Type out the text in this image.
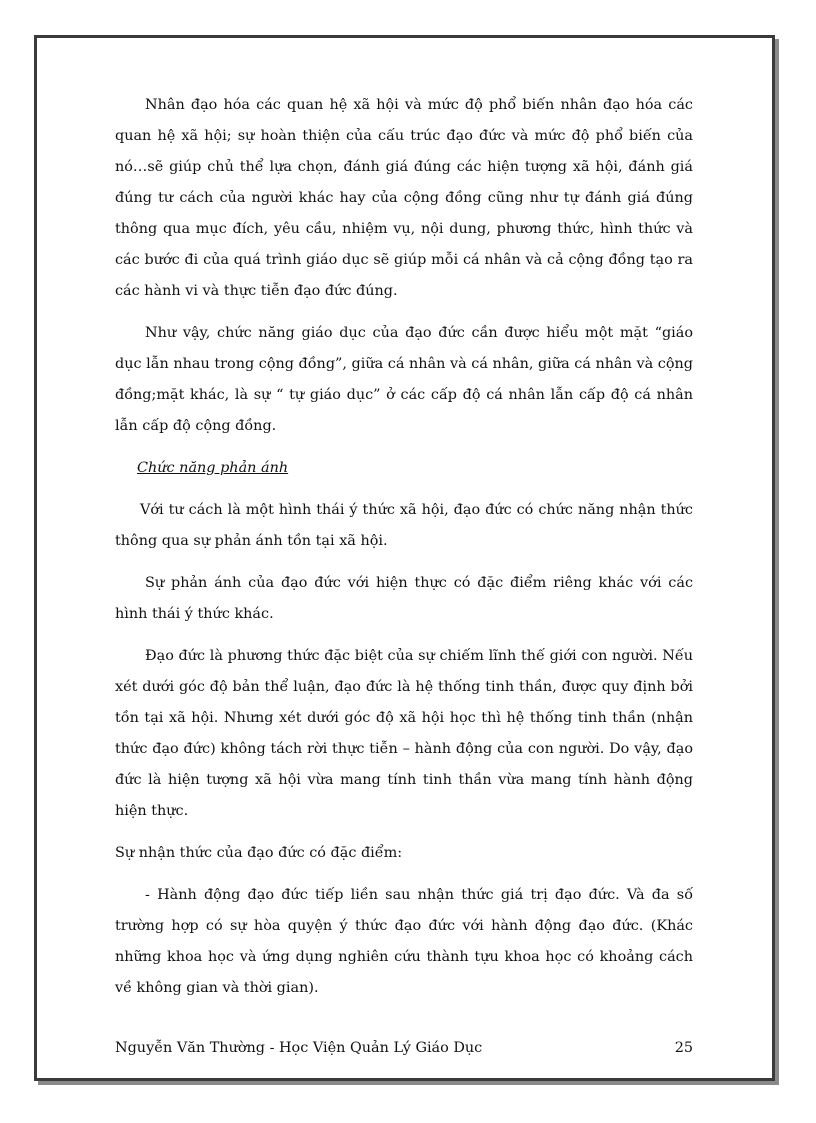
Nhân đạo hóa các quan hệ xã hội và mức độ phổ biến nhân đạo hóa các quan hệ xã hội; sự hoàn thiện của cấu trúc đạo đức và mức độ phổ biến của nó…sẽ giúp chủ thể lựa chọn, đánh giá đúng các hiện tượng xã hội, đánh giá đúng tư cách của người khác hay của cộng đồng cũng như tự đánh giá đúng thông qua mục đích, yêu cầu, nhiệm vụ, nội dung, phương thức, hình thức và các bước đi của quá trình giáo dục sẽ giúp mỗi cá nhân và cả cộng đồng tạo ra các hành vi và thực tiễn đạo đức đúng.

Như vậy, chức năng giáo dục của đạo đức cần được hiểu một mặt “giáo dục lẫn nhau trong cộng đồng”, giữa cá nhân và cá nhân, giữa cá nhân và cộng đồng;mặt khác, là sự “ tự giáo dục” ở các cấp độ cá nhân lẫn cấp độ cá nhân lẫn cấp độ cộng đồng.

Chức năng phản ánh

Với tư cách là một hình thái ý thức xã hội, đạo đức có chức năng nhận thức thông qua sự phản ánh tồn tại xã hội.

Sự phản ánh của đạo đức với hiện thực có đặc điểm riêng khác với các hình thái ý thức khác.

Đạo đức là phương thức đặc biệt của sự chiếm lĩnh thế giới con người. Nếu xét dưới góc độ bản thể luận, đạo đức là hệ thống tinh thần, được quy định bởi tồn tại xã hội. Nhưng xét dưới góc độ xã hội học thì hệ thống tinh thần (nhận thức đạo đức) không tách rời thực tiễn – hành động của con người. Do vậy, đạo đức là hiện tượng xã hội vừa mang tính tinh thần vừa mang tính hành động hiện thực.

Sự nhận thức của đạo đức có đặc điểm:

- Hành động đạo đức tiếp liền sau nhận thức giá trị đạo đức. Và đa số trường hợp có sự hòa quyện ý thức đạo đức với hành động đạo đức. (Khác những khoa học và ứng dụng nghiên cứu thành tựu khoa học có khoảng cách về không gian và thời gian).

Nguyễn Văn Thường - Học Viện Quản Lý Giáo Dục	25
